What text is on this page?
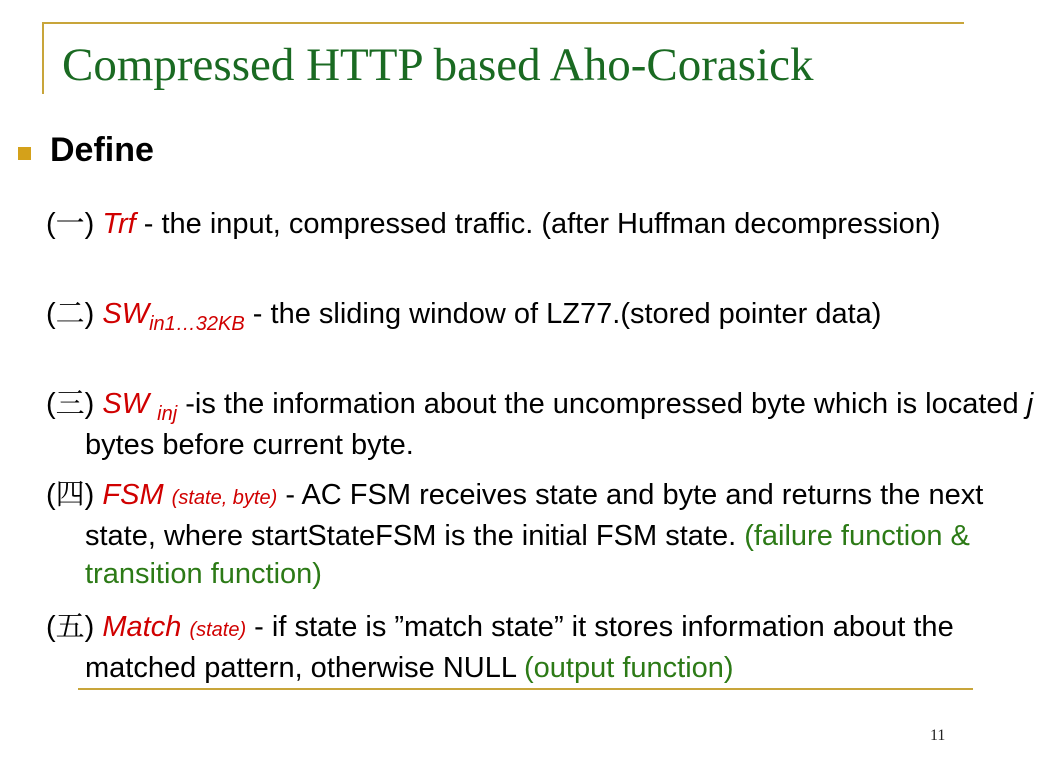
Compressed HTTP based Aho-Corasick
Define
(一) Trf - the input, compressed traffic. (after Huffman decompression)
(二) $SW_{in1\dots 32KB}$ - the sliding window of LZ77.(stored pointer data)
(三) SW $_{inj}$ -is the information about the uncompressed byte which is located j bytes before current byte.
(四) FSM (state, byte) - AC FSM receives state and byte and returns the next state, where startStateFSM is the initial FSM state. (failure function & transition function)
(五) Match (state) - if state is ”match state” it stores information about the matched pattern, otherwise NULL (output function)
11
